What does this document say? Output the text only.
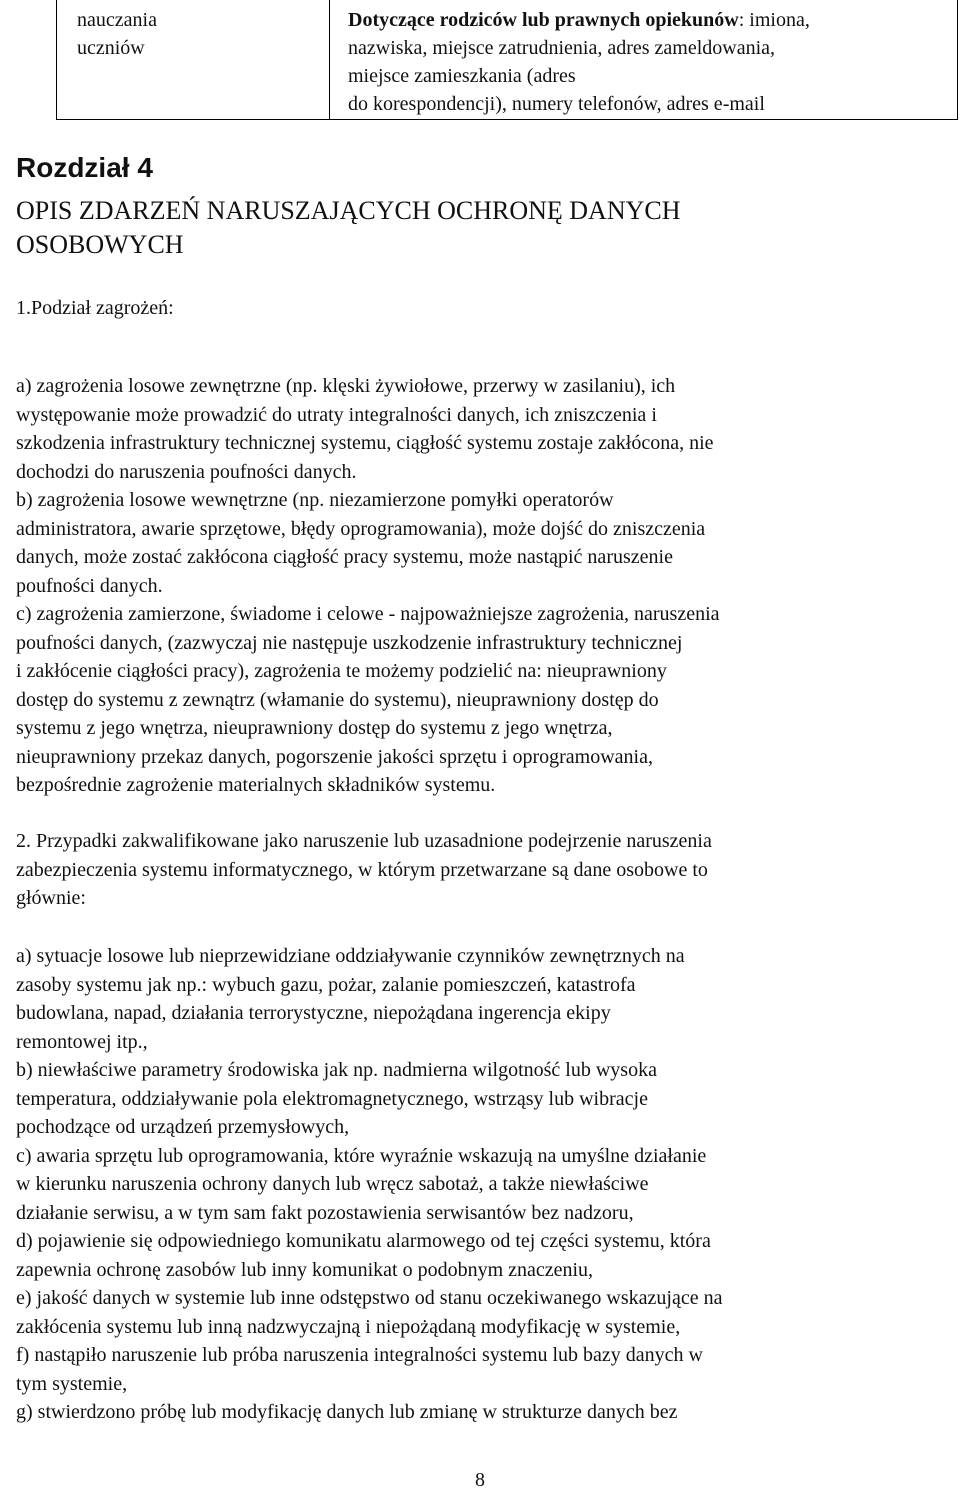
nauczania
uczniów
Dotyczące rodziców lub prawnych opiekunów: imiona,
nazwiska, miejsce zatrudnienia, adres zameldowania,
miejsce zamieszkania (adres
do korespondencji), numery telefonów, adres e-mail
Rozdział 4
OPIS ZDARZEŃ NARUSZAJĄCYCH OCHRONĘ DANYCH
OSOBOWYCH
1.Podział zagrożeń:
a) zagrożenia losowe zewnętrzne (np. klęski żywiołowe, przerwy w zasilaniu), ich
występowanie może prowadzić do utraty integralności danych, ich zniszczenia i
szkodzenia infrastruktury technicznej systemu, ciągłość systemu zostaje zakłócona, nie
dochodzi do naruszenia poufności danych.
b) zagrożenia losowe wewnętrzne (np. niezamierzone pomyłki operatorów
administratora, awarie sprzętowe, błędy oprogramowania), może dojść do zniszczenia
danych, może zostać zakłócona ciągłość pracy systemu, może nastąpić naruszenie
poufności danych.
c) zagrożenia zamierzone, świadome i celowe - najpoważniejsze zagrożenia, naruszenia
poufności danych, (zazwyczaj nie następuje uszkodzenie infrastruktury technicznej
i zakłócenie ciągłości pracy), zagrożenia te możemy podzielić na: nieuprawniony
dostęp do systemu z zewnątrz (włamanie do systemu), nieuprawniony dostęp do
systemu z jego wnętrza, nieuprawniony dostęp do systemu z jego wnętrza,
nieuprawniony przekaz danych, pogorszenie jakości sprzętu i oprogramowania,
bezpośrednie zagrożenie materialnych składników systemu.
2. Przypadki zakwalifikowane jako naruszenie lub uzasadnione podejrzenie naruszenia
zabezpieczenia systemu informatycznego, w którym przetwarzane są dane osobowe to
głównie:
a) sytuacje losowe lub nieprzewidziane oddziaływanie czynników zewnętrznych na
zasoby systemu jak np.: wybuch gazu, pożar, zalanie pomieszczeń, katastrofa
budowlana, napad, działania terrorystyczne, niepożądana ingerencja ekipy
remontowej itp.,
b) niewłaściwe parametry środowiska jak np. nadmierna wilgotność lub wysoka
temperatura, oddziaływanie pola elektromagnetycznego, wstrząsy lub wibracje
pochodzące od urządzeń przemysłowych,
c) awaria sprzętu lub oprogramowania, które wyraźnie wskazują na umyślne działanie
w kierunku naruszenia ochrony danych lub wręcz sabotaż, a także niewłaściwe
działanie serwisu, a w tym sam fakt pozostawienia serwisantów bez nadzoru,
d) pojawienie się odpowiedniego komunikatu alarmowego od tej części systemu, która
zapewnia ochronę zasobów lub inny komunikat o podobnym znaczeniu,
e) jakość danych w systemie lub inne odstępstwo od stanu oczekiwanego wskazujące na
zakłócenia systemu lub inną nadzwyczajną i niepożądaną modyfikację w systemie,
f) nastąpiło naruszenie lub próba naruszenia integralności systemu lub bazy danych w
tym systemie,
g) stwierdzono próbę lub modyfikację danych lub zmianę w strukturze danych bez
8
